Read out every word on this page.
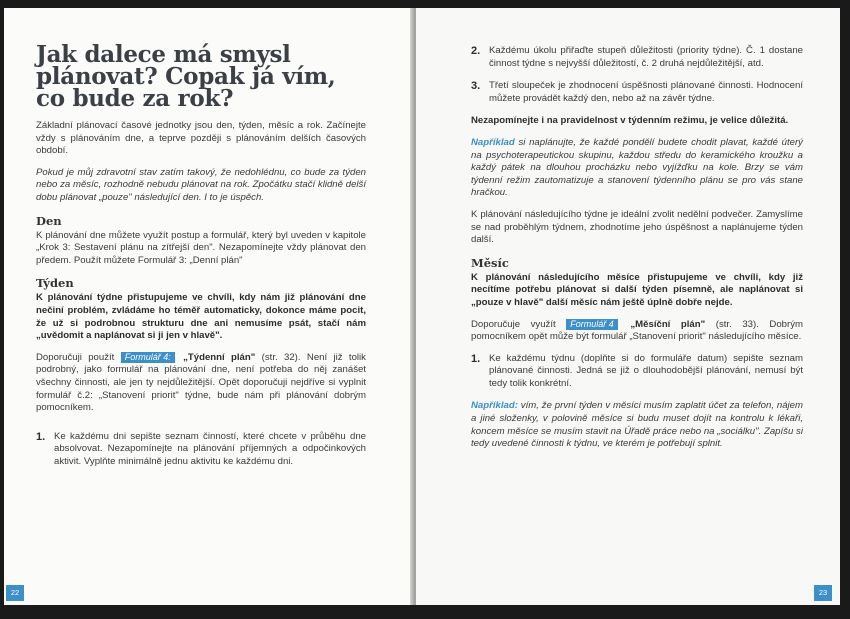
Jak dalece má smysl plánovat? Copak já vím, co bude za rok?

Základní plánovací časové jednotky jsou den, týden, měsíc a rok. Začínejte vždy s plánováním dne, a teprve později s plánováním delších časových období.

Pokud je můj zdravotní stav zatím takový, že nedohlédnu, co bude za týden nebo za měsíc, rozhodně nebudu plánovat na rok. Zpočátku stačí klidně delší dobu plánovat „pouze" následující den. I to je úspěch.

Den

K plánování dne můžete využít postup a formulář, který byl uveden v kapitole „Krok 3: Sestavení plánu na zítřejší den". Nezapomínejte vždy plánovat den předem. Použít můžete Formulář 3: „Denní plán"

Týden

K plánování týdne přistupujeme ve chvíli, kdy nám již plánování dne nečiní problém, zvládáme ho téměř automaticky, dokonce máme pocit, že už si podrobnou strukturu dne ani nemusíme psát, stačí nám „uvědomit a naplánovat si ji jen v hlavě".

Doporučuji použít Formulář 4: „Týdenní plán" (str. 32). Není již tolik podrobný, jako formulář na plánování dne, není potřeba do něj zanášet všechny činnosti, ale jen ty nejdůležitější. Opět doporučuji nejdříve si vyplnit formulář č.2: „Stanovení priorit" týdne, bude nám při plánování dobrým pomocníkem.

1. Ke každému dni sepište seznam činností, které chcete v průběhu dne absolvovat. Nezapomínejte na plánování příjemných a odpočinkových aktivit. Vyplňte minimálně jednu aktivitu ke každému dni.
22
2. Každému úkolu přiřaďte stupeň důležitosti (priority týdne). Č. 1 dostane činnost týdne s nejvyšší důležitostí, č. 2 druhá nejdůležitější, atd.
3. Třetí sloupeček je zhodnocení úspěšnosti plánované činnosti. Hodnocení můžete provádět každý den, nebo až na závěr týdne.

Nezapomínejte i na pravidelnost v týdenním režimu, je velice důležitá.

Například si naplánujte, že každé pondělí budete chodit plavat, každé úterý na psychoterapeutickou skupinu, každou středu do keramického kroužku a každý pátek na dlouhou procházku nebo vyjížďku na kole. Brzy se vám týdenní režim zautomatizuje a stanovení týdenního plánu se pro vás stane hračkou.

K plánování následujícího týdne je ideální zvolit nedělní podvečer. Zamyslíme se nad proběhlým týdnem, zhodnotíme jeho úspěšnost a naplánujeme týden další.

Měsíc

K plánování následujícího měsíce přistupujeme ve chvíli, kdy již necítíme potřebu plánovat si další týden písemně, ale naplánovat si „pouze v hlavě" další měsíc nám ještě úplně dobře nejde.

Doporučuje využít Formulář 4 „Měsíční plán" (str. 33). Dobrým pomocníkem opět může být formulář „Stanovení priorit" následujícího měsíce.

1. Ke každému týdnu (doplňte si do formuláře datum) sepište seznam plánované činnosti. Jedná se již o dlouhodobější plánování, nemusí být tedy tolik konkrétní.

Například: vím, že první týden v měsíci musím zaplatit účet za telefon, nájem a jiné složenky, v polovině měsíce si budu muset dojít na kontrolu k lékaři, koncem měsíce se musím stavit na Úřadě práce nebo na „sociálku". Zapíšu si tedy uvedené činnosti k týdnu, ve kterém je potřebují splnit.

23
